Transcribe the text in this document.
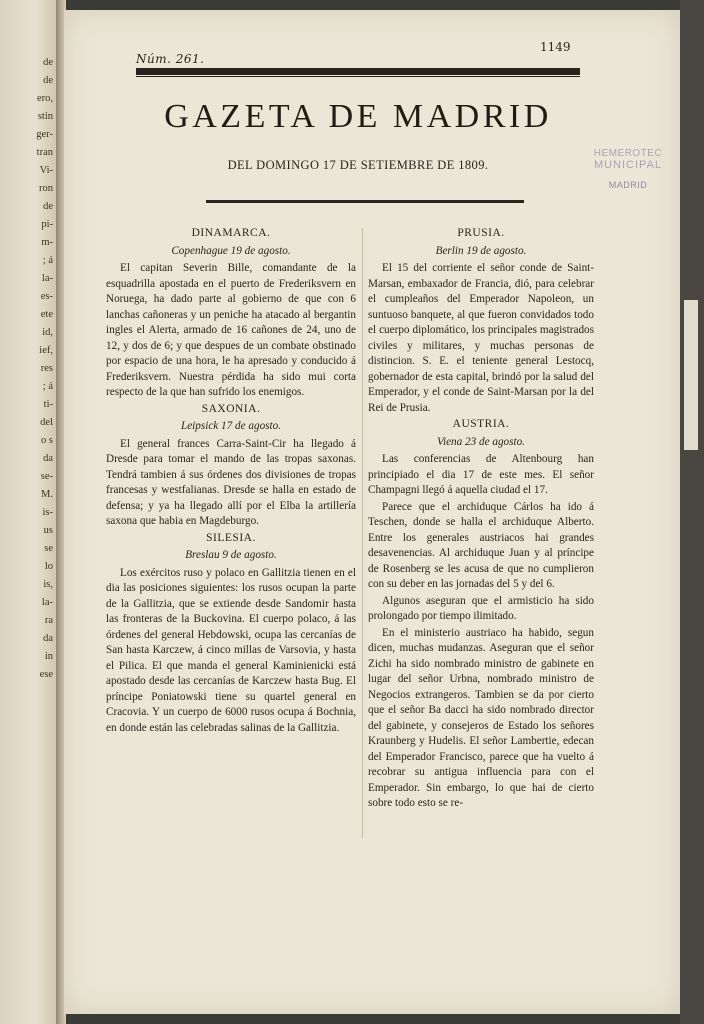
de
de
ero,
stin
ger-
tran
Vi-
ron
de
pi-
m-
; á
la-
es-
ete
id,
ief,
res
; á
ti-
del
o s
da
se-
M.
is-
us
se
lo
is,
la-
ra
da
in
ese
Núm. 261.
1149
GAZETA DE MADRID
DEL DOMINGO 17 DE SETIEMBRE DE 1809.
HEMEROTEC
MUNICIPAL
MADRID
DINAMARCA.
Copenhague 19 de agosto.

El capitan Severin Bille, comandante de la esquadrilla apostada en el puerto de Frederiksvern en Noruega, ha dado parte al gobierno de que con 6 lanchas cañoneras y un peniche ha atacado al bergantin ingles el Alerta, armado de 16 cañones de 24, uno de 12, y dos de 6; y que despues de un combate obstinado por espacio de una hora, le ha apresado y conducido á Frederiksvern. Nuestra pérdida ha sido mui corta respecto de la que han sufrido los enemigos.

SAXONIA.
Leipsick 17 de agosto.

El general frances Carra-Saint-Cir ha llegado á Dresde para tomar el mando de las tropas saxonas. Tendrá tambien á sus órdenes dos divisiones de tropas francesas y westfalianas. Dresde se halla en estado de defensa; y ya ha llegado allí por el Elba la artillería saxona que habia en Magdeburgo.

SILESIA.
Breslau 9 de agosto.

Los exércitos ruso y polaco en Gallitzia tienen en el dia las posiciones siguientes: los rusos ocupan la parte de la Gallitzia, que se extiende desde Sandomir hasta las fronteras de la Buckovina. El cuerpo polaco, á las órdenes del general Hebdowski, ocupa las cercanías de San hasta Karczew, á cinco millas de Varsovia, y hasta el Pilica. El que manda el general Kaminienicki está apostado desde las cercanías de Karczew hasta Bug. El príncipe Poniatowski tiene su quartel general en Cracovia. Y un cuerpo de 6000 rusos ocupa á Bochnia, en donde están las celebradas salinas de la Gallitzia.

PRUSIA.
Berlin 19 de agosto.

El 15 del corriente el señor conde de Saint-Marsan, embaxador de Francia, dió, para celebrar el cumpleaños del Emperador Napoleon, un suntuoso banquete, al que fueron convidados todo el cuerpo diplomático, los principales magistrados civiles y militares, y muchas personas de distincion. S. E. el teniente general Lestocq, gobernador de esta capital, brindó por la salud del Emperador, y el conde de Saint-Marsan por la del Rei de Prusia.

AUSTRIA.
Viena 23 de agosto.

Las conferencias de Altenbourg han principiado el dia 17 de este mes. El señor Champagni llegó á aquella ciudad el 17.

Parece que el archiduque Cárlos ha ido á Teschen, donde se halla el archiduque Alberto. Entre los generales austriacos hai grandes desavenencias. Al archiduque Juan y al príncipe de Rosenberg se les acusa de que no cumplieron con su deber en las jornadas del 5 y del 6.

Algunos aseguran que el armisticio ha sido prolongado por tiempo ilimitado.

En el ministerio austriaco ha habido, segun dicen, muchas mudanzas. Aseguran que el señor Zichi ha sido nombrado ministro de gabinete en lugar del señor Urbna, nombrado ministro de Negocios extrangeros. Tambien se da por cierto que el señor Ba dacci ha sido nombrado director del gabinete, y consejeros de Estado los señores Kraunberg y Hudelis. El señor Lambertie, edecan del Emperador Francisco, parece que ha vuelto á recobrar su antigua influencia para con el Emperador. Sin embargo, lo que hai de cierto sobre todo esto se re-
